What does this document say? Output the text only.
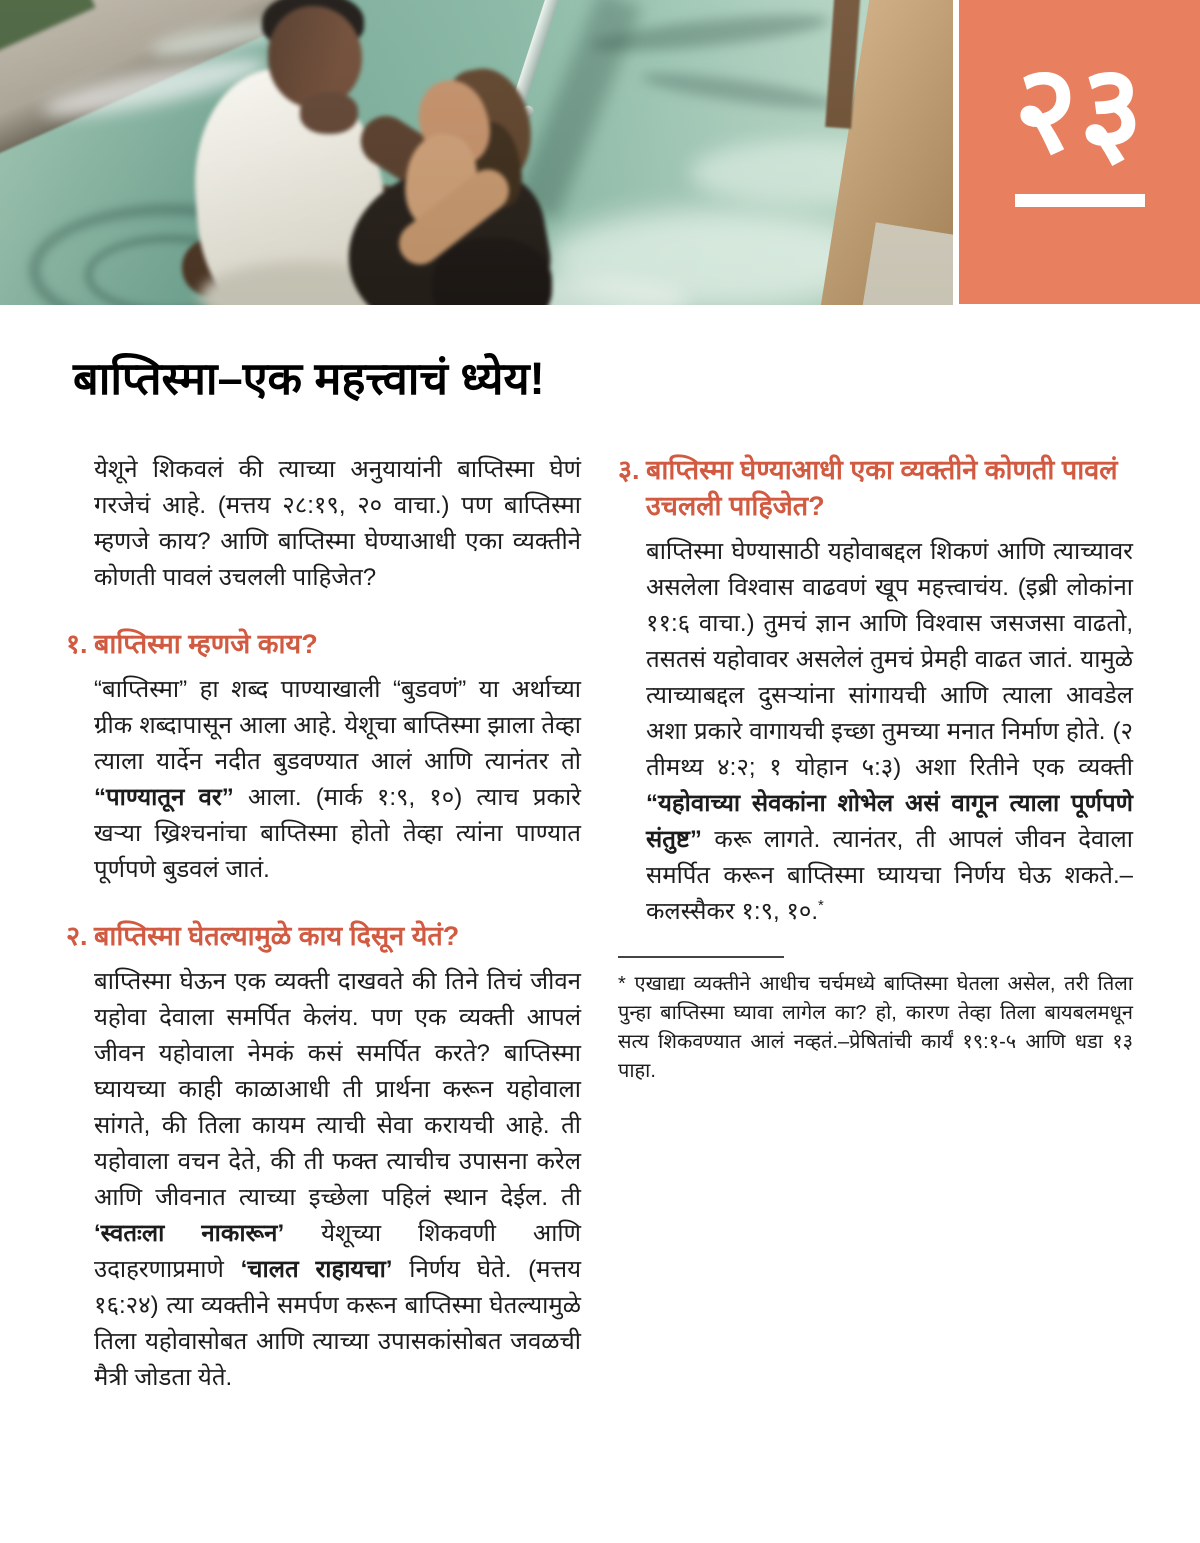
२३
बाप्तिस्मा–एक महत्त्वाचं ध्येय!

येशूने शिकवलं की त्याच्या अनुयायांनी बाप्तिस्मा घेणं गरजेचं आहे. (मत्तय २८:१९, २० वाचा.) पण बाप्तिस्मा म्हणजे काय? आणि बाप्तिस्मा घेण्याआधी एका व्यक्तीने कोणती पावलं उचलली पाहिजेत?

१. बाप्तिस्मा म्हणजे काय?

“बाप्तिस्मा” हा शब्द पाण्याखाली “बुडवणं” या अर्थाच्या ग्रीक शब्दापासून आला आहे. येशूचा बाप्तिस्मा झाला तेव्हा त्याला यार्देन नदीत बुडवण्यात आलं आणि त्यानंतर तो “पाण्यातून वर” आला. (मार्क १:९, १०) त्याच प्रकारे खऱ्या ख्रिश्चनांचा बाप्तिस्मा होतो तेव्हा त्यांना पाण्यात पूर्णपणे बुडवलं जातं.

२. बाप्तिस्मा घेतल्यामुळे काय दिसून येतं?

बाप्तिस्मा घेऊन एक व्यक्ती दाखवते की तिने तिचं जीवन यहोवा देवाला समर्पित केलंय. पण एक व्यक्ती आपलं जीवन यहोवाला नेमकं कसं समर्पित करते? बाप्तिस्मा घ्यायच्या काही काळाआधी ती प्रार्थना करून यहोवाला सांगते, की तिला कायम त्याची सेवा करायची आहे. ती यहोवाला वचन देते, की ती फक्त त्याचीच उपासना करेल आणि जीवनात त्याच्या इच्छेला पहिलं स्थान देईल. ती ‘स्वतःला नाकारून’ येशूच्या शिकवणी आणि उदाहरणाप्रमाणे ‘चालत राहायचा’ निर्णय घेते. (मत्तय १६:२४) त्या व्यक्तीने समर्पण करून बाप्तिस्मा घेतल्यामुळे तिला यहोवासोबत आणि त्याच्या उपासकांसोबत जवळची मैत्री जोडता येते.

३. बाप्तिस्मा घेण्याआधी एका व्यक्तीने कोणती पावलं उचलली पाहिजेत?

बाप्तिस्मा घेण्यासाठी यहोवाबद्दल शिकणं आणि त्याच्यावर असलेला विश्वास वाढवणं खूप महत्त्वाचंय. (इब्री लोकांना ११:६ वाचा.) तुमचं ज्ञान आणि विश्वास जसजसा वाढतो, तसतसं यहोवावर असलेलं तुमचं प्रेमही वाढत जातं. यामुळे त्याच्याबद्दल दुसऱ्यांना सांगायची आणि त्याला आवडेल अशा प्रकारे वागायची इच्छा तुमच्या मनात निर्माण होते. (२ तीमथ्य ४:२; १ योहान ५:३) अशा रितीने एक व्यक्ती “यहोवाच्या सेवकांना शोभेल असं वागून त्याला पूर्णपणे संतुष्ट” करू लागते. त्यानंतर, ती आपलं जीवन देवाला समर्पित करून बाप्तिस्मा घ्यायचा निर्णय घेऊ शकते.–कलस्सैकर १:९, १०.*

* एखाद्या व्यक्तीने आधीच चर्चमध्ये बाप्तिस्मा घेतला असेल, तरी तिला पुन्हा बाप्तिस्मा घ्यावा लागेल का? हो, कारण तेव्हा तिला बायबलमधून सत्य शिकवण्यात आलं नव्हतं.–प्रेषितांची कार्यं १९:१-५ आणि धडा १३ पाहा.
